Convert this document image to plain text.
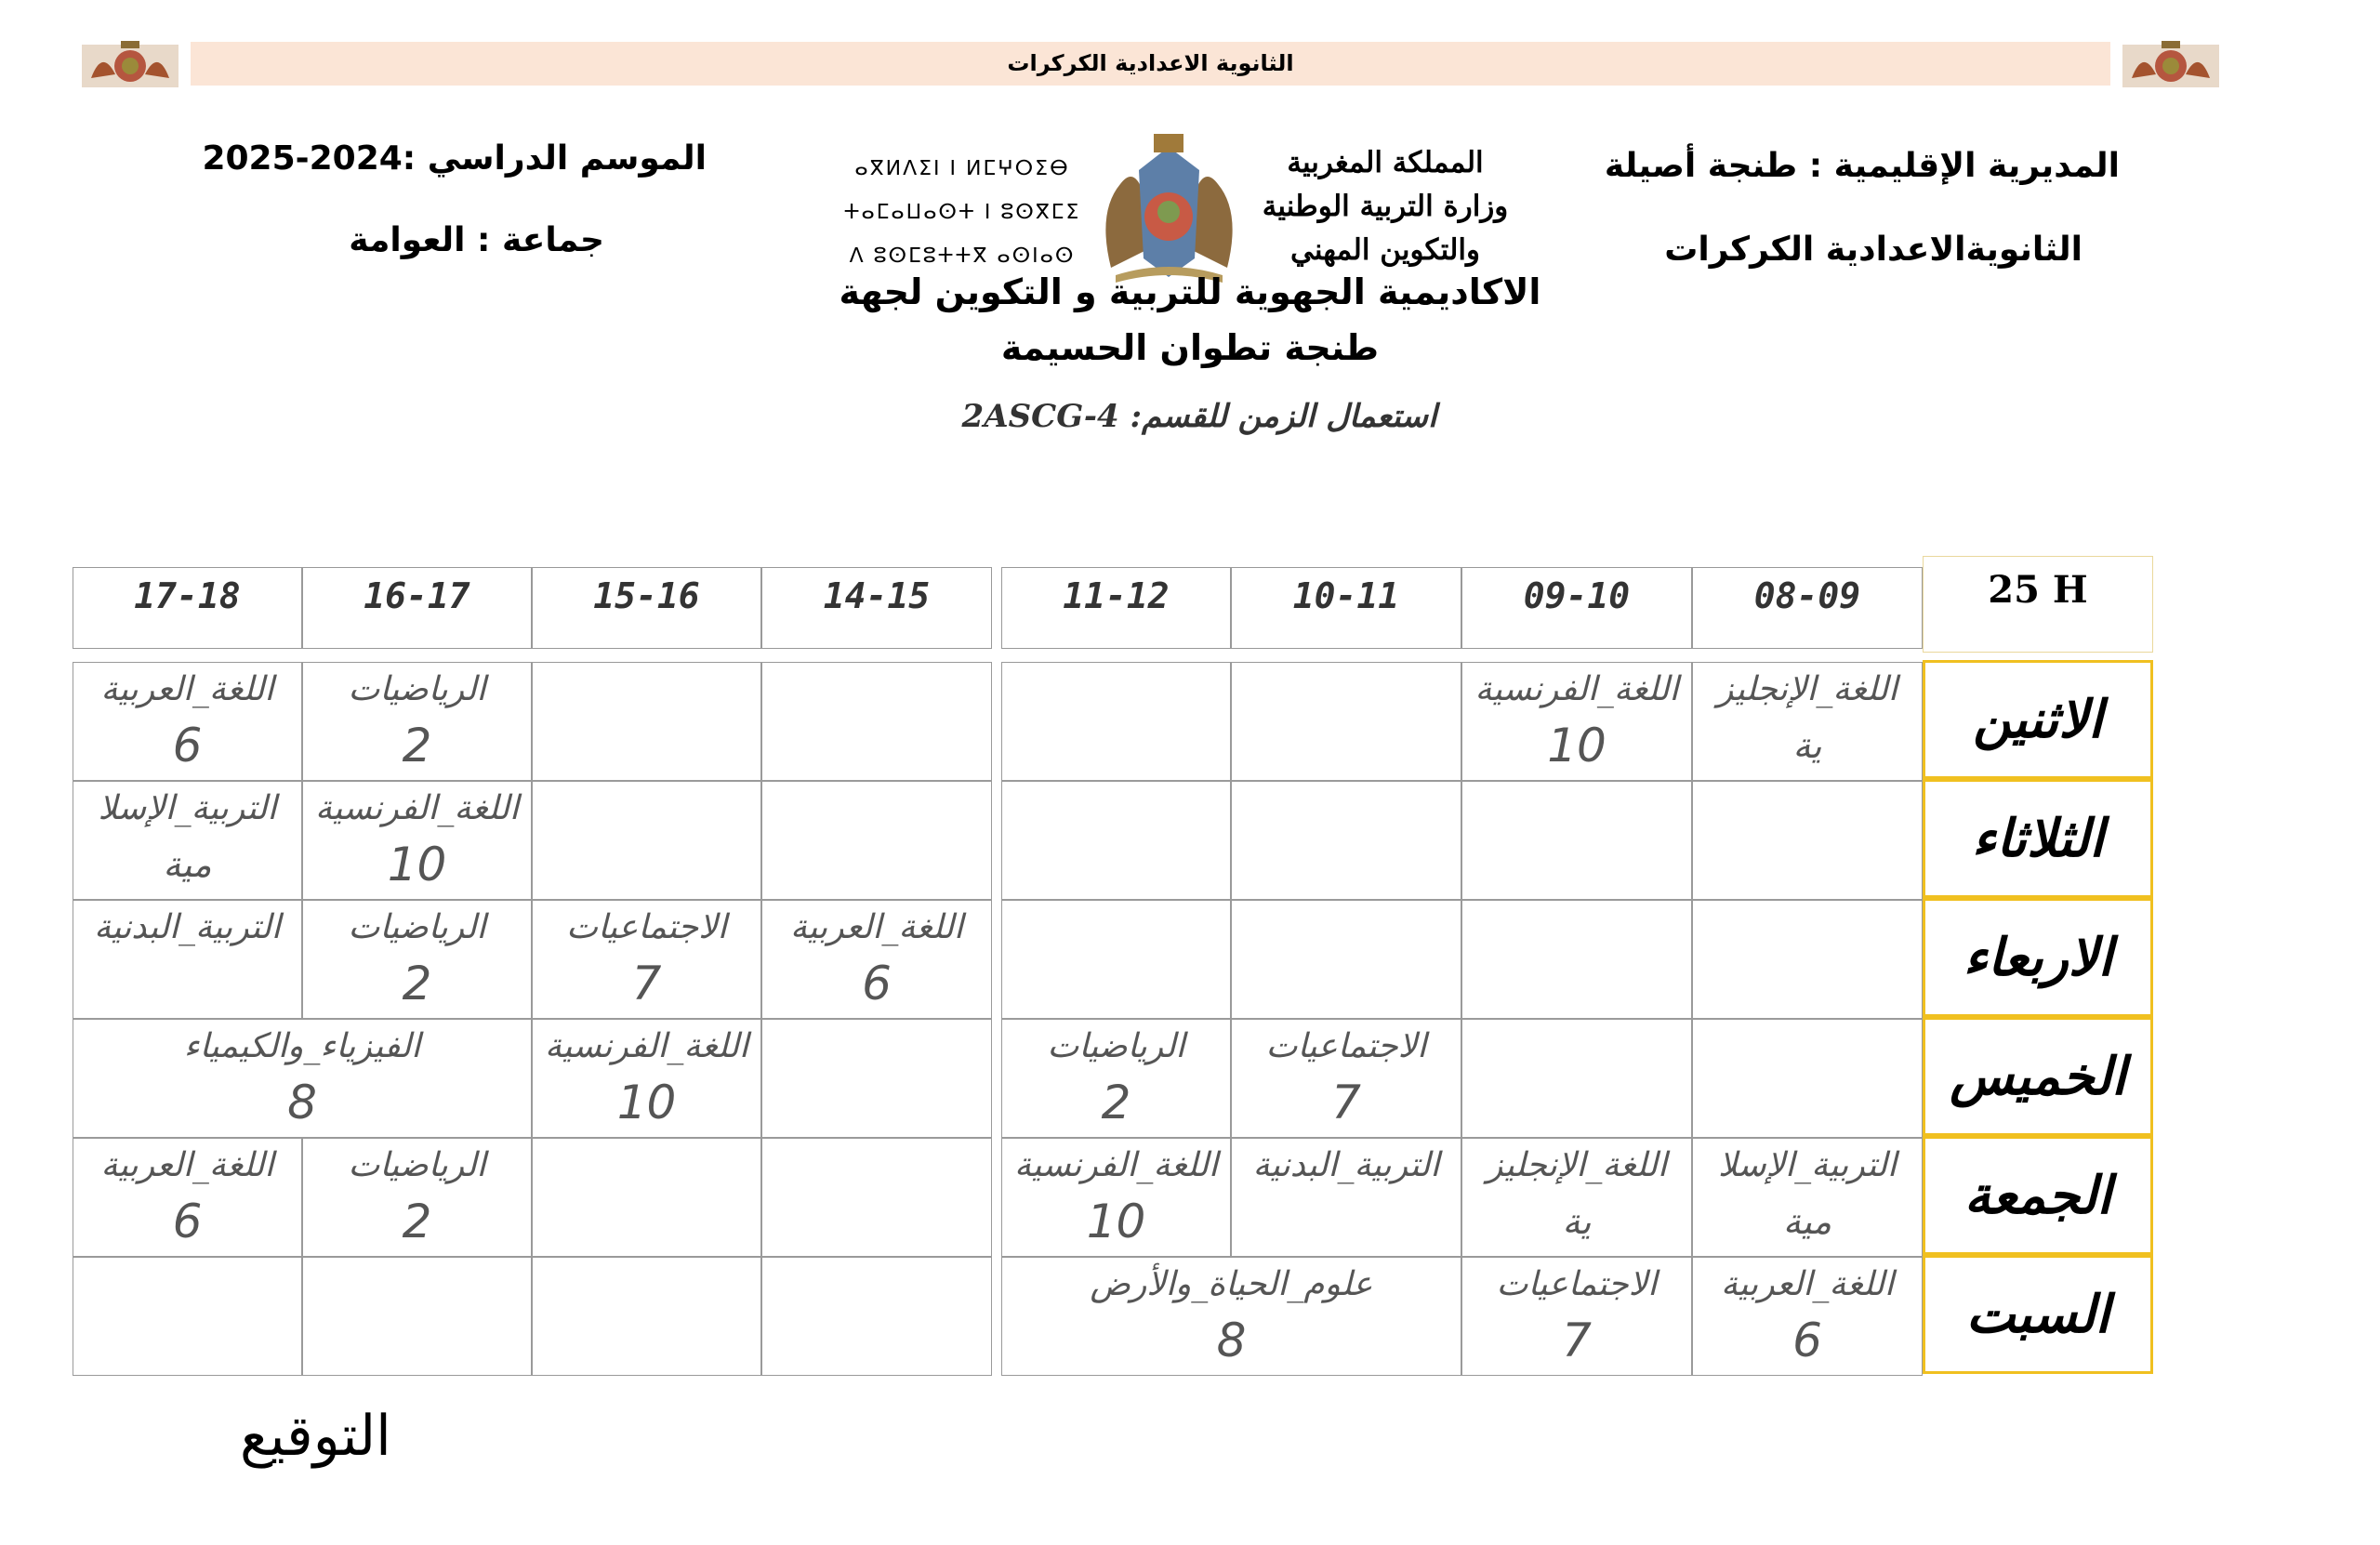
الثانوية الاعدادية الكركرات
المديرية الإقليمية : طنجة أصيلة
الثانويةالاعدادية الكركرات
الموسم الدراسي :2024-2025
جماعة : العوامة
المملكة المغربية
وزارة التربية الوطنية
والتكوين المهني
ⴰⴳⵍⴷⵉⵏ ⵏ ⵍⵎⵖⵔⵉⴱ
ⵜⴰⵎⴰⵡⴰⵙⵜ ⵏ ⵓⵙⴳⵎⵉ
ⴷ ⵓⵙⵎⵓⵜⵜⴳ ⴰⵙⵏⴰⵙ
الاكاديمية الجهوية للتربية و التكوين لجهة
طنجة تطوان الحسيمة
استعمال الزمن للقسم: 2ASCG-4
25 H
08-09
09-10
10-11
11-12
14-15
15-16
16-17
17-18
الاثنين
الثلاثاء
الاربعاء
الخميس
الجمعة
السبت
اللغة_الإنجليز
ية
اللغة_الفرنسية
10
الرياضيات
2
اللغة_العربية
6
التربية_الإسلا
مية
اللغة_الفرنسية
10
اللغة_العربية
6
الاجتماعيات
7
الرياضيات
2
التربية_البدنية
الاجتماعيات
7
الرياضيات
2
اللغة_الفرنسية
10
الفيزياء_والكيمياء
8
التربية_الإسلا
مية
اللغة_الإنجليز
ية
التربية_البدنية
اللغة_الفرنسية
10
الرياضيات
2
اللغة_العربية
6
اللغة_العربية
6
الاجتماعيات
7
علوم_الحياة_والأرض
8
التوقيع
